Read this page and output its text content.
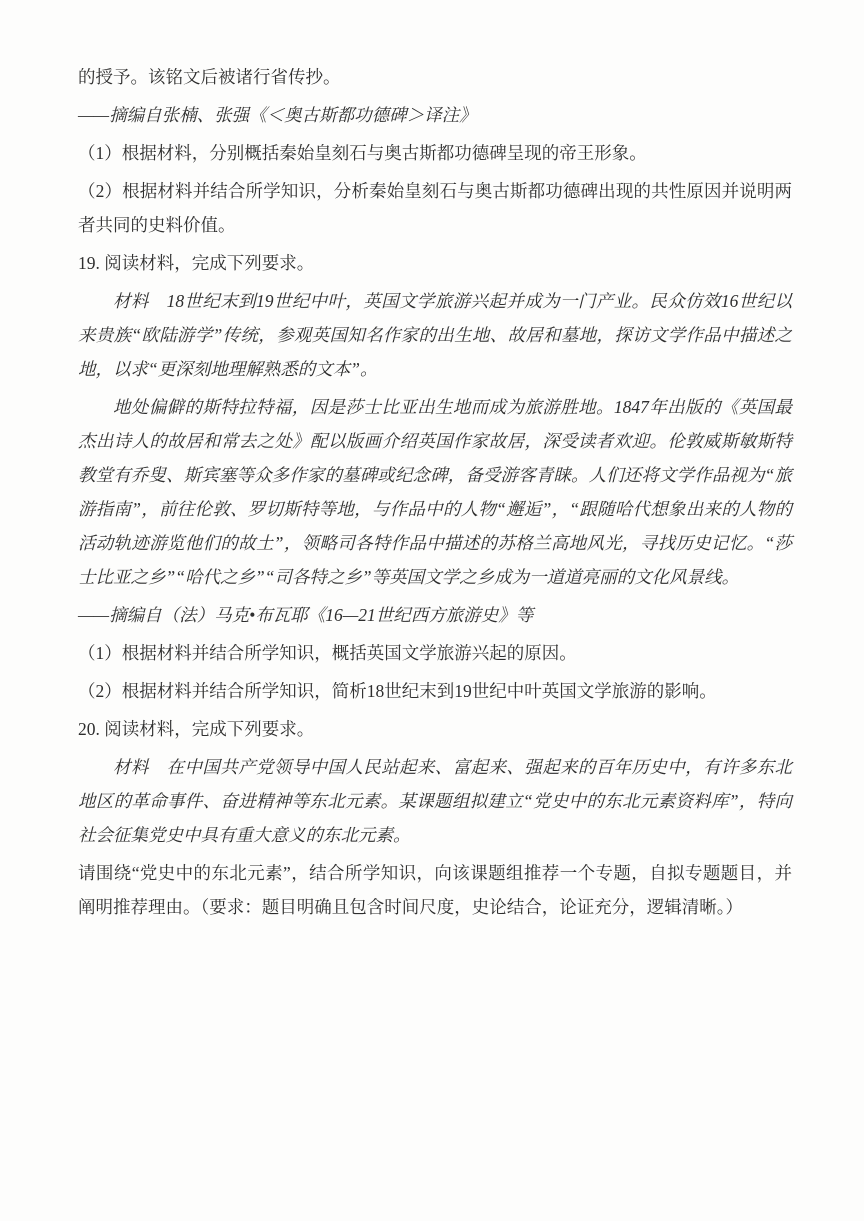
的授予。该铭文后被诸行省传抄。

——摘编自张楠、张强《＜奥古斯都功德碑＞译注》

（1）根据材料，分别概括秦始皇刻石与奥古斯都功德碑呈现的帝王形象。

（2）根据材料并结合所学知识，分析秦始皇刻石与奥古斯都功德碑出现的共性原因并说明两者共同的史料价值。

19. 阅读材料，完成下列要求。

材料　18世纪末到19世纪中叶，英国文学旅游兴起并成为一门产业。民众仿效16世纪以来贵族“欧陆游学”传统，参观英国知名作家的出生地、故居和墓地，探访文学作品中描述之地，以求“更深刻地理解熟悉的文本”。

地处偏僻的斯特拉特福，因是莎士比亚出生地而成为旅游胜地。1847年出版的《英国最杰出诗人的故居和常去之处》配以版画介绍英国作家故居，深受读者欢迎。伦敦威斯敏斯特教堂有乔叟、斯宾塞等众多作家的墓碑或纪念碑，备受游客青睐。人们还将文学作品视为“旅游指南”，前往伦敦、罗切斯特等地，与作品中的人物“邂逅”，“跟随哈代想象出来的人物的活动轨迹游览他们的故土”，领略司各特作品中描述的苏格兰高地风光，寻找历史记忆。“莎士比亚之乡”“哈代之乡”“司各特之乡”等英国文学之乡成为一道道亮丽的文化风景线。

——摘编自（法）马克•布瓦耶《16—21世纪西方旅游史》等

（1）根据材料并结合所学知识，概括英国文学旅游兴起的原因。

（2）根据材料并结合所学知识，简析18世纪末到19世纪中叶英国文学旅游的影响。

20. 阅读材料，完成下列要求。

材料　在中国共产党领导中国人民站起来、富起来、强起来的百年历史中，有许多东北地区的革命事件、奋进精神等东北元素。某课题组拟建立“党史中的东北元素资料库”，特向社会征集党史中具有重大意义的东北元素。

请围绕“党史中的东北元素”，结合所学知识，向该课题组推荐一个专题，自拟专题题目，并阐明推荐理由。（要求：题目明确且包含时间尺度，史论结合，论证充分，逻辑清晰。）
